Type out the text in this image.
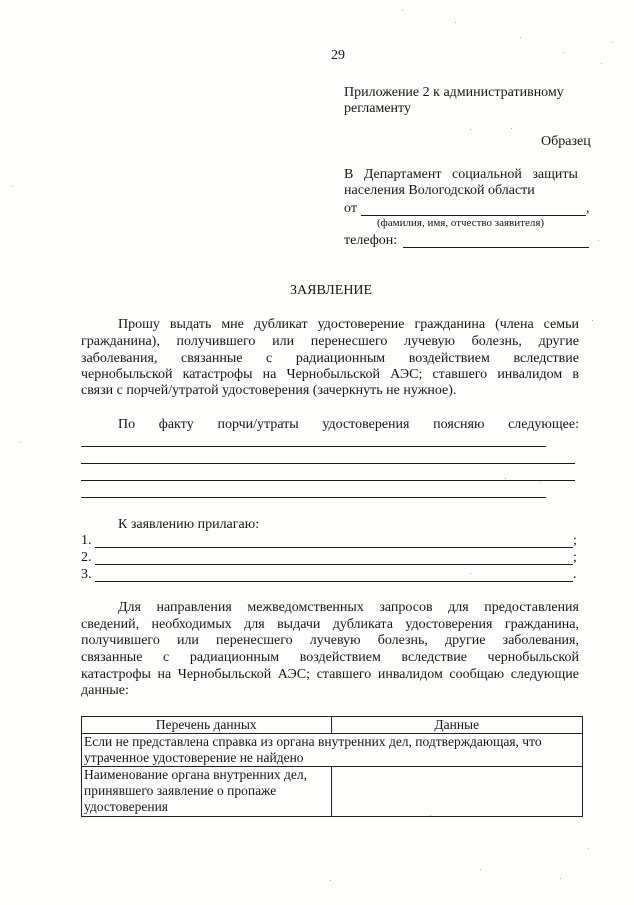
29
Приложение 2 к административному
регламенту
Образец
В   Департамент   социальной   защиты
населения Вологодской области
от	,
(фамилия, имя, отчество заявителя)
телефон:
ЗАЯВЛЕНИЕ
Прошу выдать мне дубликат удостоверение гражданина (члена семьи
гражданина), получившего или перенесшего лучевую болезнь, другие
заболевания, связанные с радиационным воздействием вследствие
чернобыльской катастрофы на Чернобыльской АЭС; ставшего инвалидом в
связи с порчей/утратой удостоверения (зачеркнуть не нужное).
По фактy порчи/утраты удостоверения поясняю следующее:
К заявлению прилагаю:
1.	;
2.	;
3.	.
Для направления межведомственных запросов для предоставления
сведений, необходимых для выдачи дубликата удостоверения гражданина,
получившего или перенесшего лучевую болезнь, другие заболевания,
связанные с радиационным воздействием вследствие чернобыльской
катастрофы на Чернобыльской АЭС; ставшего инвалидом сообщаю следующие
данные:
Перечень данных	Данные
Если не представлена справка из органа внутренних дел, подтверждающая, что утраченное удостоверение не найдено	
Наименование органа внутренних дел, принявшего заявление о пропаже удостоверения	
